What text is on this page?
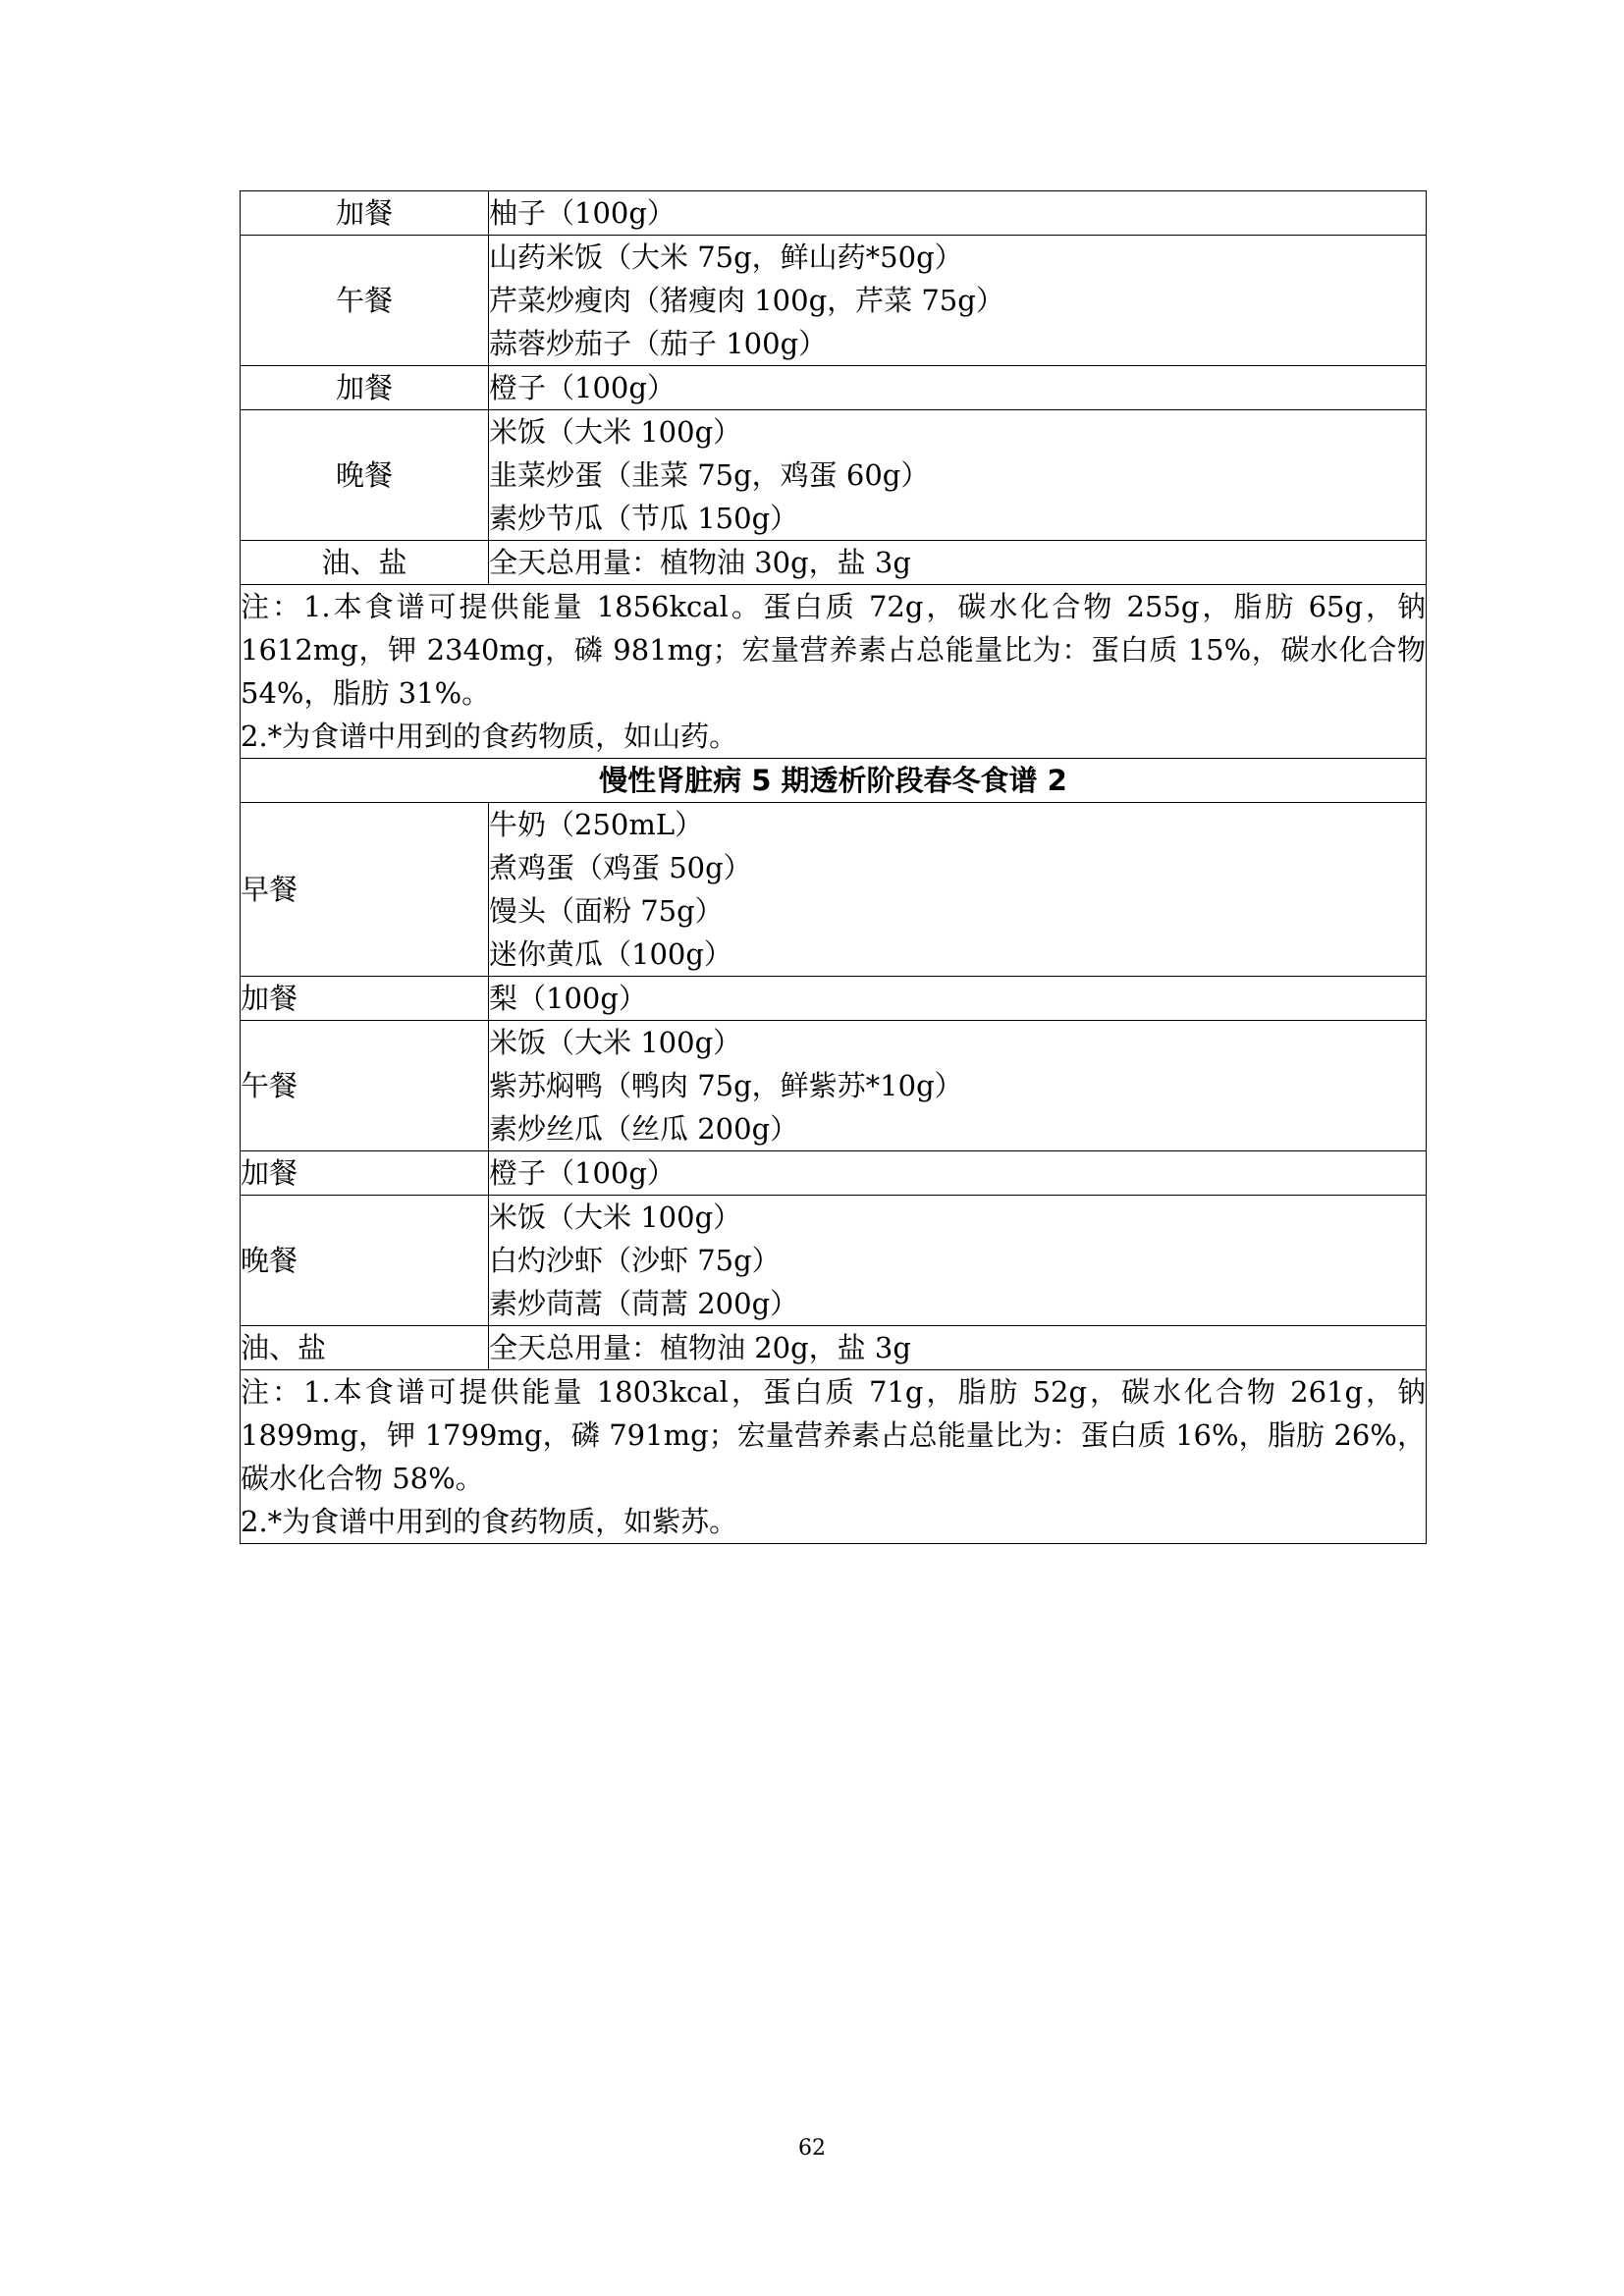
加餐	柚子（100g）

午餐	山药米饭（大米 75g，鲜山药*50g）
芹菜炒瘦肉（猪瘦肉 100g，芹菜 75g）
蒜蓉炒茄子（茄子 100g）

加餐	橙子（100g）

晚餐	米饭（大米 100g）
韭菜炒蛋（韭菜 75g，鸡蛋 60g）
素炒节瓜（节瓜 150g）

油、盐	全天总用量：植物油 30g，盐 3g

注：1.本食谱可提供能量 1856kcal。蛋白质 72g，碳水化合物 255g，脂肪 65g，钠 1612mg，钾 2340mg，磷 981mg；宏量营养素占总能量比为：蛋白质 15%，碳水化合物 54%，脂肪 31%。
2.*为食谱中用到的食药物质，如山药。	

慢性肾脏病 5 期透析阶段春冬食谱 2	
早餐	牛奶（250mL）
煮鸡蛋（鸡蛋 50g）
馒头（面粉 75g）
迷你黄瓜（100g）

加餐	梨（100g）

午餐	米饭（大米 100g）
紫苏焖鸭（鸭肉 75g，鲜紫苏*10g）
素炒丝瓜（丝瓜 200g）

加餐	橙子（100g）

晚餐	米饭（大米 100g）
白灼沙虾（沙虾 75g）
素炒茼蒿（茼蒿 200g）

油、盐	全天总用量：植物油 20g，盐 3g

注：1.本食谱可提供能量 1803kcal，蛋白质 71g，脂肪 52g，碳水化合物 261g，钠 1899mg，钾 1799mg，磷 791mg；宏量营养素占总能量比为：蛋白质 16%，脂肪 26%，碳水化合物 58%。
2.*为食谱中用到的食药物质，如紫苏。	
62
